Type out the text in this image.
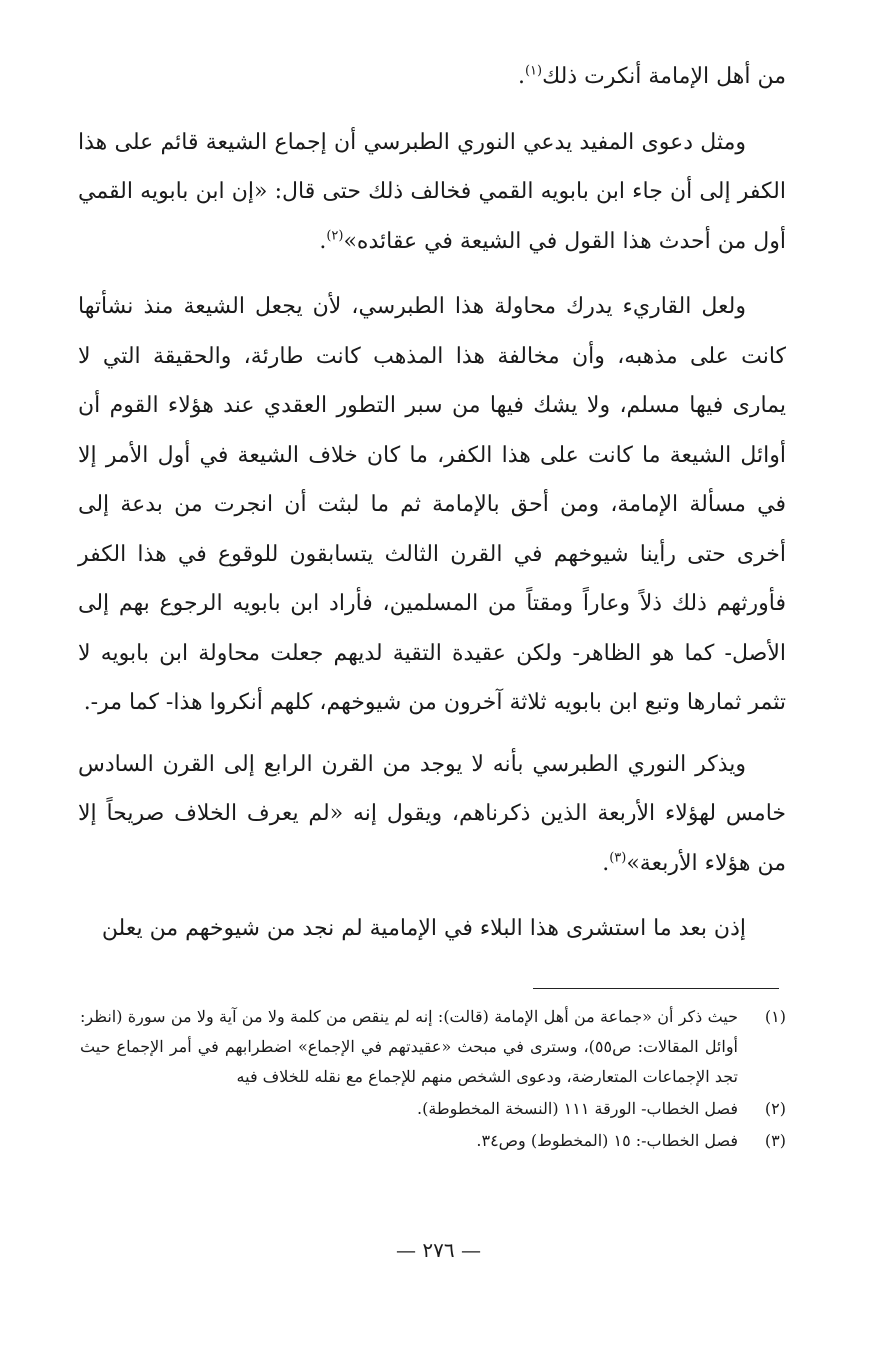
من أهل الإمامة أنكرت ذلك$^{(١)}$.

ومثل دعوى المفيد يدعي النوري الطبرسي أن إجماع الشيعة قائم على هذا الكفر إلى أن جاء ابن بابويه القمي فخالف ذلك حتى قال: «إن ابن بابويه القمي أول من أحدث هذا القول في الشيعة في عقائده»$^{(٢)}$.

ولعل القاريء يدرك محاولة هذا الطبرسي، لأن يجعل الشيعة منذ نشأتها كانت على مذهبه، وأن مخالفة هذا المذهب كانت طارئة، والحقيقة التي لا يمارى فيها مسلم، ولا يشك فيها من سبر التطور العقدي عند هؤلاء القوم أن أوائل الشيعة ما كانت على هذا الكفر، ما كان خلاف الشيعة في أول الأمر إلا في مسألة الإمامة، ومن أحق بالإمامة ثم ما لبثت أن انجرت من بدعة إلى أخرى حتى رأينا شيوخهم في القرن الثالث يتسابقون للوقوع في هذا الكفر فأورثهم ذلك ذلاً وعاراً ومقتاً من المسلمين، فأراد ابن بابويه الرجوع بهم إلى الأصل- كما هو الظاهر- ولكن عقيدة التقية لديهم جعلت محاولة ابن بابويه لا تثمر ثمارها وتبع ابن بابويه ثلاثة آخرون من شيوخهم، كلهم أنكروا هذا- كما مر-.

ويذكر النوري الطبرسي بأنه لا يوجد من القرن الرابع إلى القرن السادس خامس لهؤلاء الأربعة الذين ذكرناهم، ويقول إنه «لم يعرف الخلاف صريحاً إلا من هؤلاء الأربعة»$^{(٣)}$.

إذن بعد ما استشرى هذا البلاء في الإمامية لم نجد من شيوخهم من يعلن

(١)
حيث ذكر أن «جماعة من أهل الإمامة (قالت): إنه لم ينقص من كلمة ولا من آية ولا من سورة (انظر: أوائل المقالات: ص٥٥)، وسترى في مبحث «عقيدتهم في الإجماع» اضطرابهم في أمر الإجماع حيث تجد الإجماعات المتعارضة، ودعوى الشخص منهم للإجماع مع نقله للخلاف فيه
(٢)
فصل الخطاب- الورقة ١١١ (النسخة المخطوطة).
(٣)
فصل الخطاب-: ١٥ (المخطوط) وص٣٤.
— ٢٧٦ —
